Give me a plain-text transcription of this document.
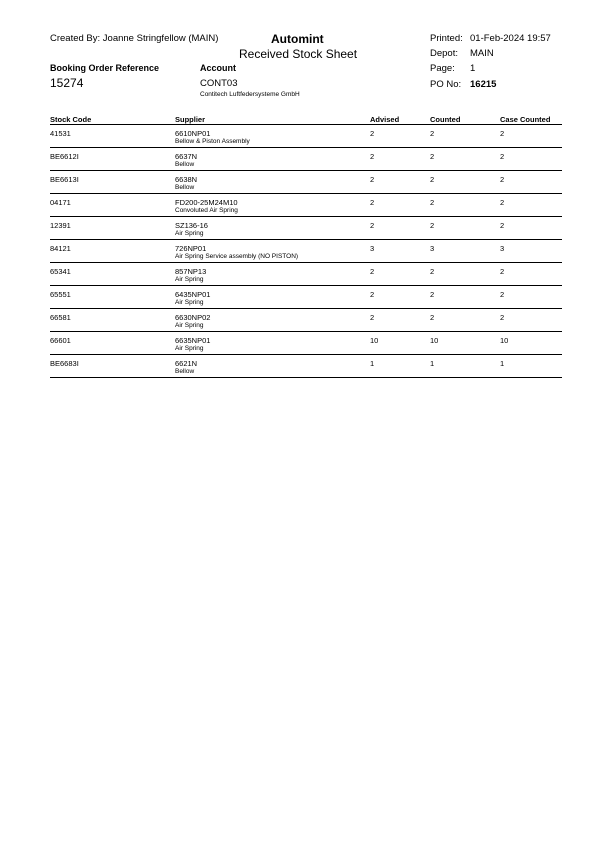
Created By: Joanne Stringfellow (MAIN)	Automint
Received Stock Sheet
Printed: 01-Feb-2024 19:57
Depot: MAIN
Page: 1
PO No: 16215
Booking Order Reference
15274
Account
CONT03
Contitech Luftfedersysteme GmbH
Stock Code	Supplier	Advised	Counted	Case Counted
41531	6610NP01
Bellow & Piston Assembly
2	2	2
BE6612I	6637N
Bellow
2	2	2
BE6613I	6638N
Bellow
2	2	2
04171	FD200-25M24M10
Convoluted Air Spring
2	2	2
12391	SZ136-16
Air Spring
2	2	2
84121	726NP01
Air Spring Service assembly (NO PISTON)
3	3	3
65341	857NP13
Air Spring
2	2	2
65551	6435NP01
Air Spring
2	2	2
66581	6630NP02
Air Spring
2	2	2
66601	6635NP01
Air Spring
10	10	10
BE6683I	6621N
Bellow
1	1	1
